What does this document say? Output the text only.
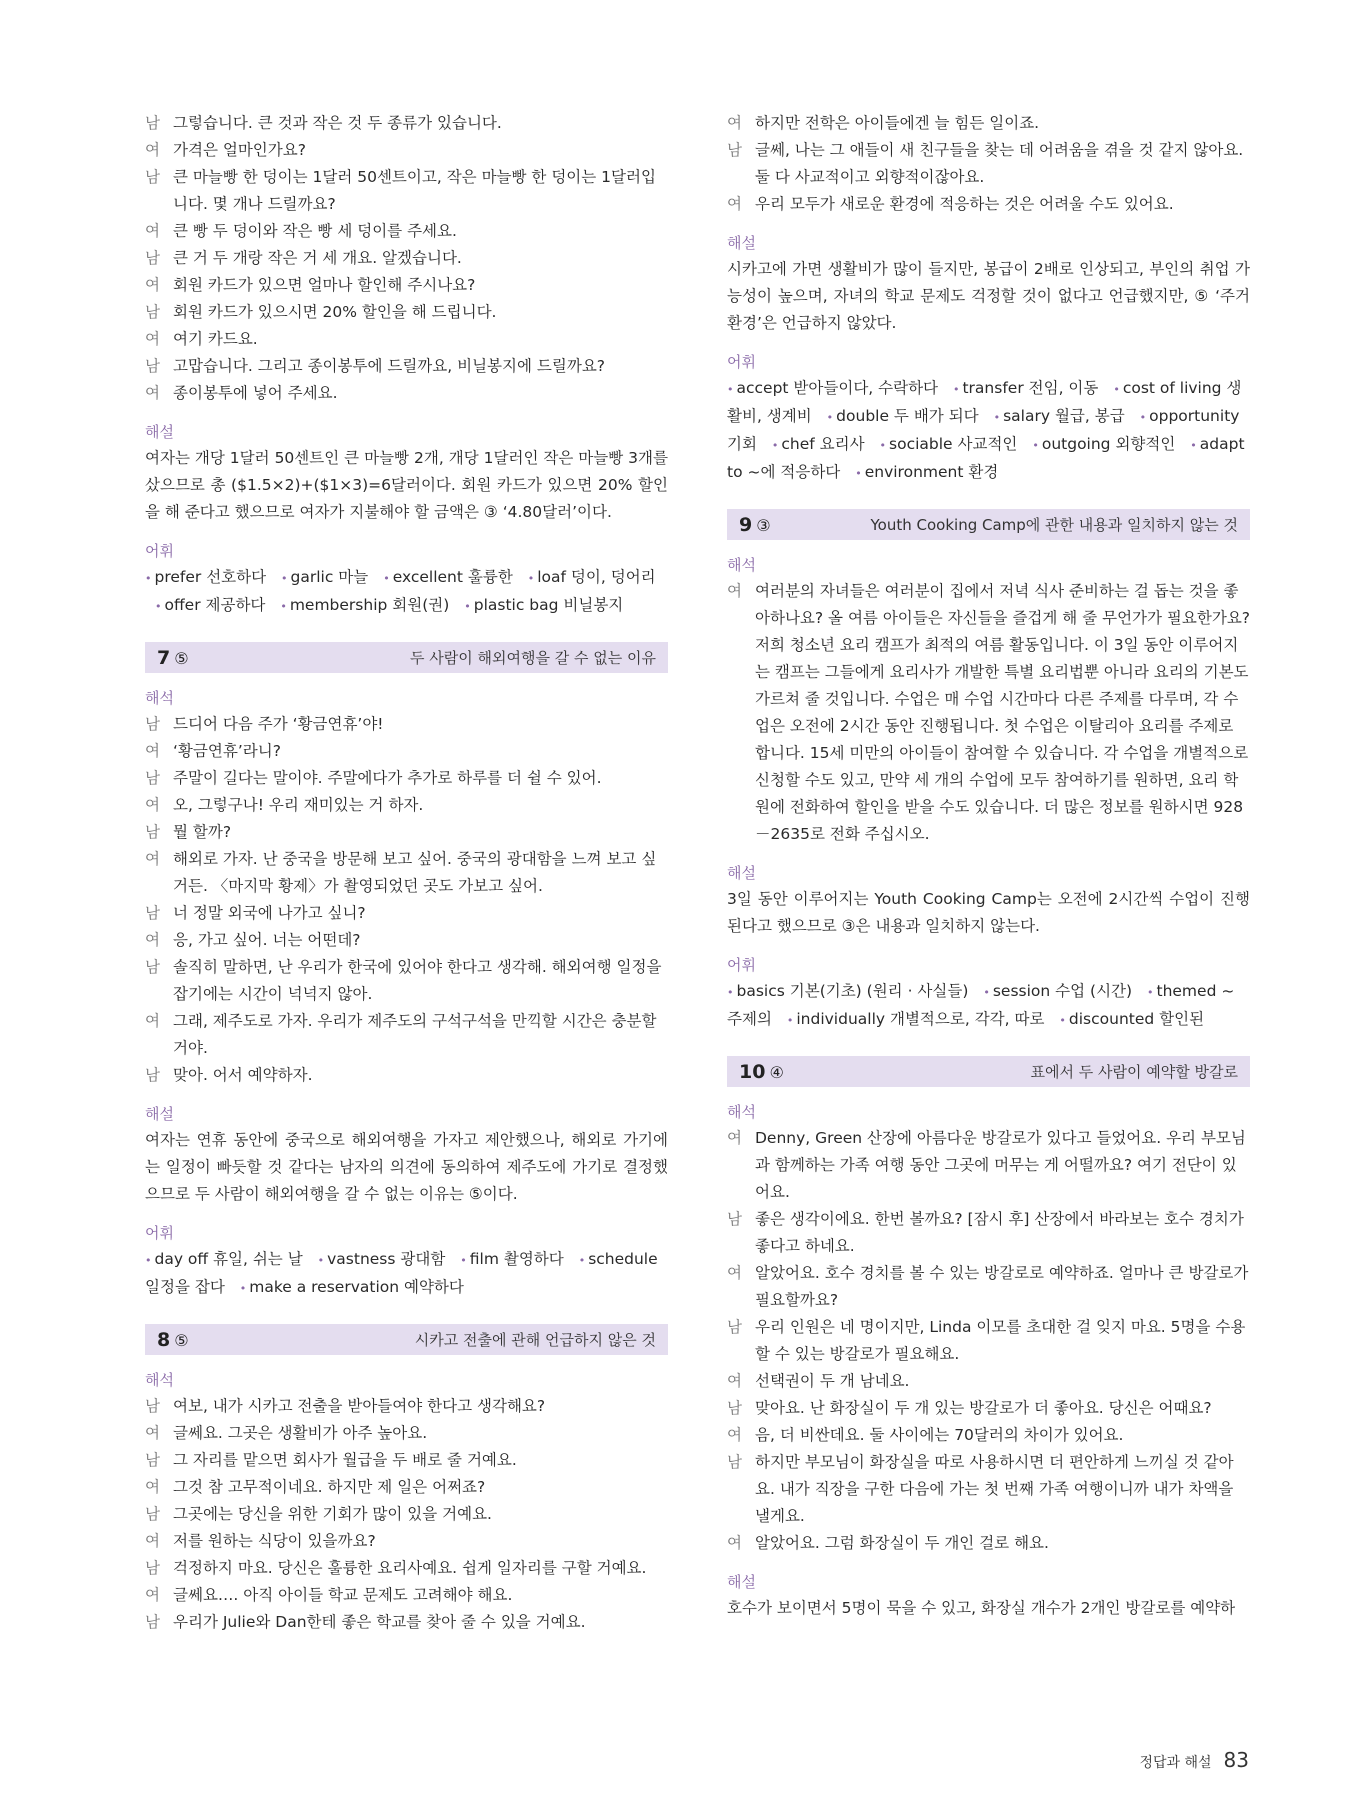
남 그렇습니다. 큰 것과 작은 것 두 종류가 있습니다.
여 가격은 얼마인가요?
남 큰 마늘빵 한 덩이는 1달러 50센트이고, 작은 마늘빵 한 덩이는 1달러입니다. 몇 개나 드릴까요?
여 큰 빵 두 덩이와 작은 빵 세 덩이를 주세요.
남 큰 거 두 개랑 작은 거 세 개요. 알겠습니다.
여 회원 카드가 있으면 얼마나 할인해 주시나요?
남 회원 카드가 있으시면 20% 할인을 해 드립니다.
여 여기 카드요.
남 고맙습니다. 그리고 종이봉투에 드릴까요, 비닐봉지에 드릴까요?
여 종이봉투에 넣어 주세요.
해설
여자는 개당 1달러 50센트인 큰 마늘빵 2개, 개당 1달러인 작은 마늘빵 3개를 샀으므로 총 ($1.5×2)+($1×3)=6달러이다. 회원 카드가 있으면 20% 할인을 해 준다고 했으므로 여자가 지불해야 할 금액은 ③ ‘4.80달러’이다.
어휘
• prefer 선호하다 • garlic 마늘 • excellent 훌륭한 • loaf 덩이, 덩어리 • offer 제공하다 • membership 회원(권) • plastic bag 비닐봉지
7 ⑤	두 사람이 해외여행을 갈 수 없는 이유
해석
남 드디어 다음 주가 ‘황금연휴’야!
여 ‘황금연휴’라니?
남 주말이 길다는 말이야. 주말에다가 추가로 하루를 더 쉴 수 있어.
여 오, 그렇구나! 우리 재미있는 거 하자.
남 뭘 할까?
여 해외로 가자. 난 중국을 방문해 보고 싶어. 중국의 광대함을 느껴 보고 싶거든. 〈마지막 황제〉가 촬영되었던 곳도 가보고 싶어.
남 너 정말 외국에 나가고 싶니?
여 응, 가고 싶어. 너는 어떤데?
남 솔직히 말하면, 난 우리가 한국에 있어야 한다고 생각해. 해외여행 일정을 잡기에는 시간이 넉넉지 않아.
여 그래, 제주도로 가자. 우리가 제주도의 구석구석을 만끽할 시간은 충분할 거야.
남 맞아. 어서 예약하자.
해설
여자는 연휴 동안에 중국으로 해외여행을 가자고 제안했으나, 해외로 가기에는 일정이 빠듯할 것 같다는 남자의 의견에 동의하여 제주도에 가기로 결정했으므로 두 사람이 해외여행을 갈 수 없는 이유는 ⑤이다.
어휘
• day off 휴일, 쉬는 날 • vastness 광대함 • film 촬영하다 • schedule 일정을 잡다 • make a reservation 예약하다
8 ⑤	시카고 전출에 관해 언급하지 않은 것
해석
남 여보, 내가 시카고 전출을 받아들여야 한다고 생각해요?
여 글쎄요. 그곳은 생활비가 아주 높아요.
남 그 자리를 맡으면 회사가 월급을 두 배로 줄 거예요.
여 그것 참 고무적이네요. 하지만 제 일은 어쩌죠?
남 그곳에는 당신을 위한 기회가 많이 있을 거예요.
여 저를 원하는 식당이 있을까요?
남 걱정하지 마요. 당신은 훌륭한 요리사예요. 쉽게 일자리를 구할 거예요.
여 글쎄요…. 아직 아이들 학교 문제도 고려해야 해요.
남 우리가 Julie와 Dan한테 좋은 학교를 찾아 줄 수 있을 거예요.
여 하지만 전학은 아이들에겐 늘 힘든 일이죠.
남 글쎄, 나는 그 애들이 새 친구들을 찾는 데 어려움을 겪을 것 같지 않아요. 둘 다 사교적이고 외향적이잖아요.
여 우리 모두가 새로운 환경에 적응하는 것은 어려울 수도 있어요.
해설
시카고에 가면 생활비가 많이 들지만, 봉급이 2배로 인상되고, 부인의 취업 가능성이 높으며, 자녀의 학교 문제도 걱정할 것이 없다고 언급했지만, ⑤ ‘주거 환경’은 언급하지 않았다.
어휘
• accept 받아들이다, 수락하다 • transfer 전임, 이동 • cost of living 생활비, 생계비 • double 두 배가 되다 • salary 월급, 봉급 • opportunity 기회 • chef 요리사 • sociable 사교적인 • outgoing 외향적인 • adapt to ~에 적응하다 • environment 환경
9 ③	Youth Cooking Camp에 관한 내용과 일치하지 않는 것
해석
여 여러분의 자녀들은 여러분이 집에서 저녁 식사 준비하는 걸 돕는 것을 좋아하나요? 올 여름 아이들은 자신들을 즐겁게 해 줄 무언가가 필요한가요? 저희 청소년 요리 캠프가 최적의 여름 활동입니다. 이 3일 동안 이루어지는 캠프는 그들에게 요리사가 개발한 특별 요리법뿐 아니라 요리의 기본도 가르쳐 줄 것입니다. 수업은 매 수업 시간마다 다른 주제를 다루며, 각 수업은 오전에 2시간 동안 진행됩니다. 첫 수업은 이탈리아 요리를 주제로 합니다. 15세 미만의 아이들이 참여할 수 있습니다. 각 수업을 개별적으로 신청할 수도 있고, 만약 세 개의 수업에 모두 참여하기를 원하면, 요리 학원에 전화하여 할인을 받을 수도 있습니다. 더 많은 정보를 원하시면 928－2635로 전화 주십시오.
해설
3일 동안 이루어지는 Youth Cooking Camp는 오전에 2시간씩 수업이 진행된다고 했으므로 ③은 내용과 일치하지 않는다.
어휘
• basics 기본(기초) (원리 · 사실들) • session 수업 (시간) • themed ~ 주제의 • individually 개별적으로, 각각, 따로 • discounted 할인된
10 ④	표에서 두 사람이 예약할 방갈로
해석
여 Denny, Green 산장에 아름다운 방갈로가 있다고 들었어요. 우리 부모님과 함께하는 가족 여행 동안 그곳에 머무는 게 어떨까요? 여기 전단이 있어요.
남 좋은 생각이에요. 한번 볼까요? [잠시 후] 산장에서 바라보는 호수 경치가 좋다고 하네요.
여 알았어요. 호수 경치를 볼 수 있는 방갈로로 예약하죠. 얼마나 큰 방갈로가 필요할까요?
남 우리 인원은 네 명이지만, Linda 이모를 초대한 걸 잊지 마요. 5명을 수용할 수 있는 방갈로가 필요해요.
여 선택권이 두 개 남네요.
남 맞아요. 난 화장실이 두 개 있는 방갈로가 더 좋아요. 당신은 어때요?
여 음, 더 비싼데요. 둘 사이에는 70달러의 차이가 있어요.
남 하지만 부모님이 화장실을 따로 사용하시면 더 편안하게 느끼실 것 같아요. 내가 직장을 구한 다음에 가는 첫 번째 가족 여행이니까 내가 차액을 낼게요.
여 알았어요. 그럼 화장실이 두 개인 걸로 해요.
해설
호수가 보이면서 5명이 묵을 수 있고, 화장실 개수가 2개인 방갈로를 예약하
정답과 해설 83
